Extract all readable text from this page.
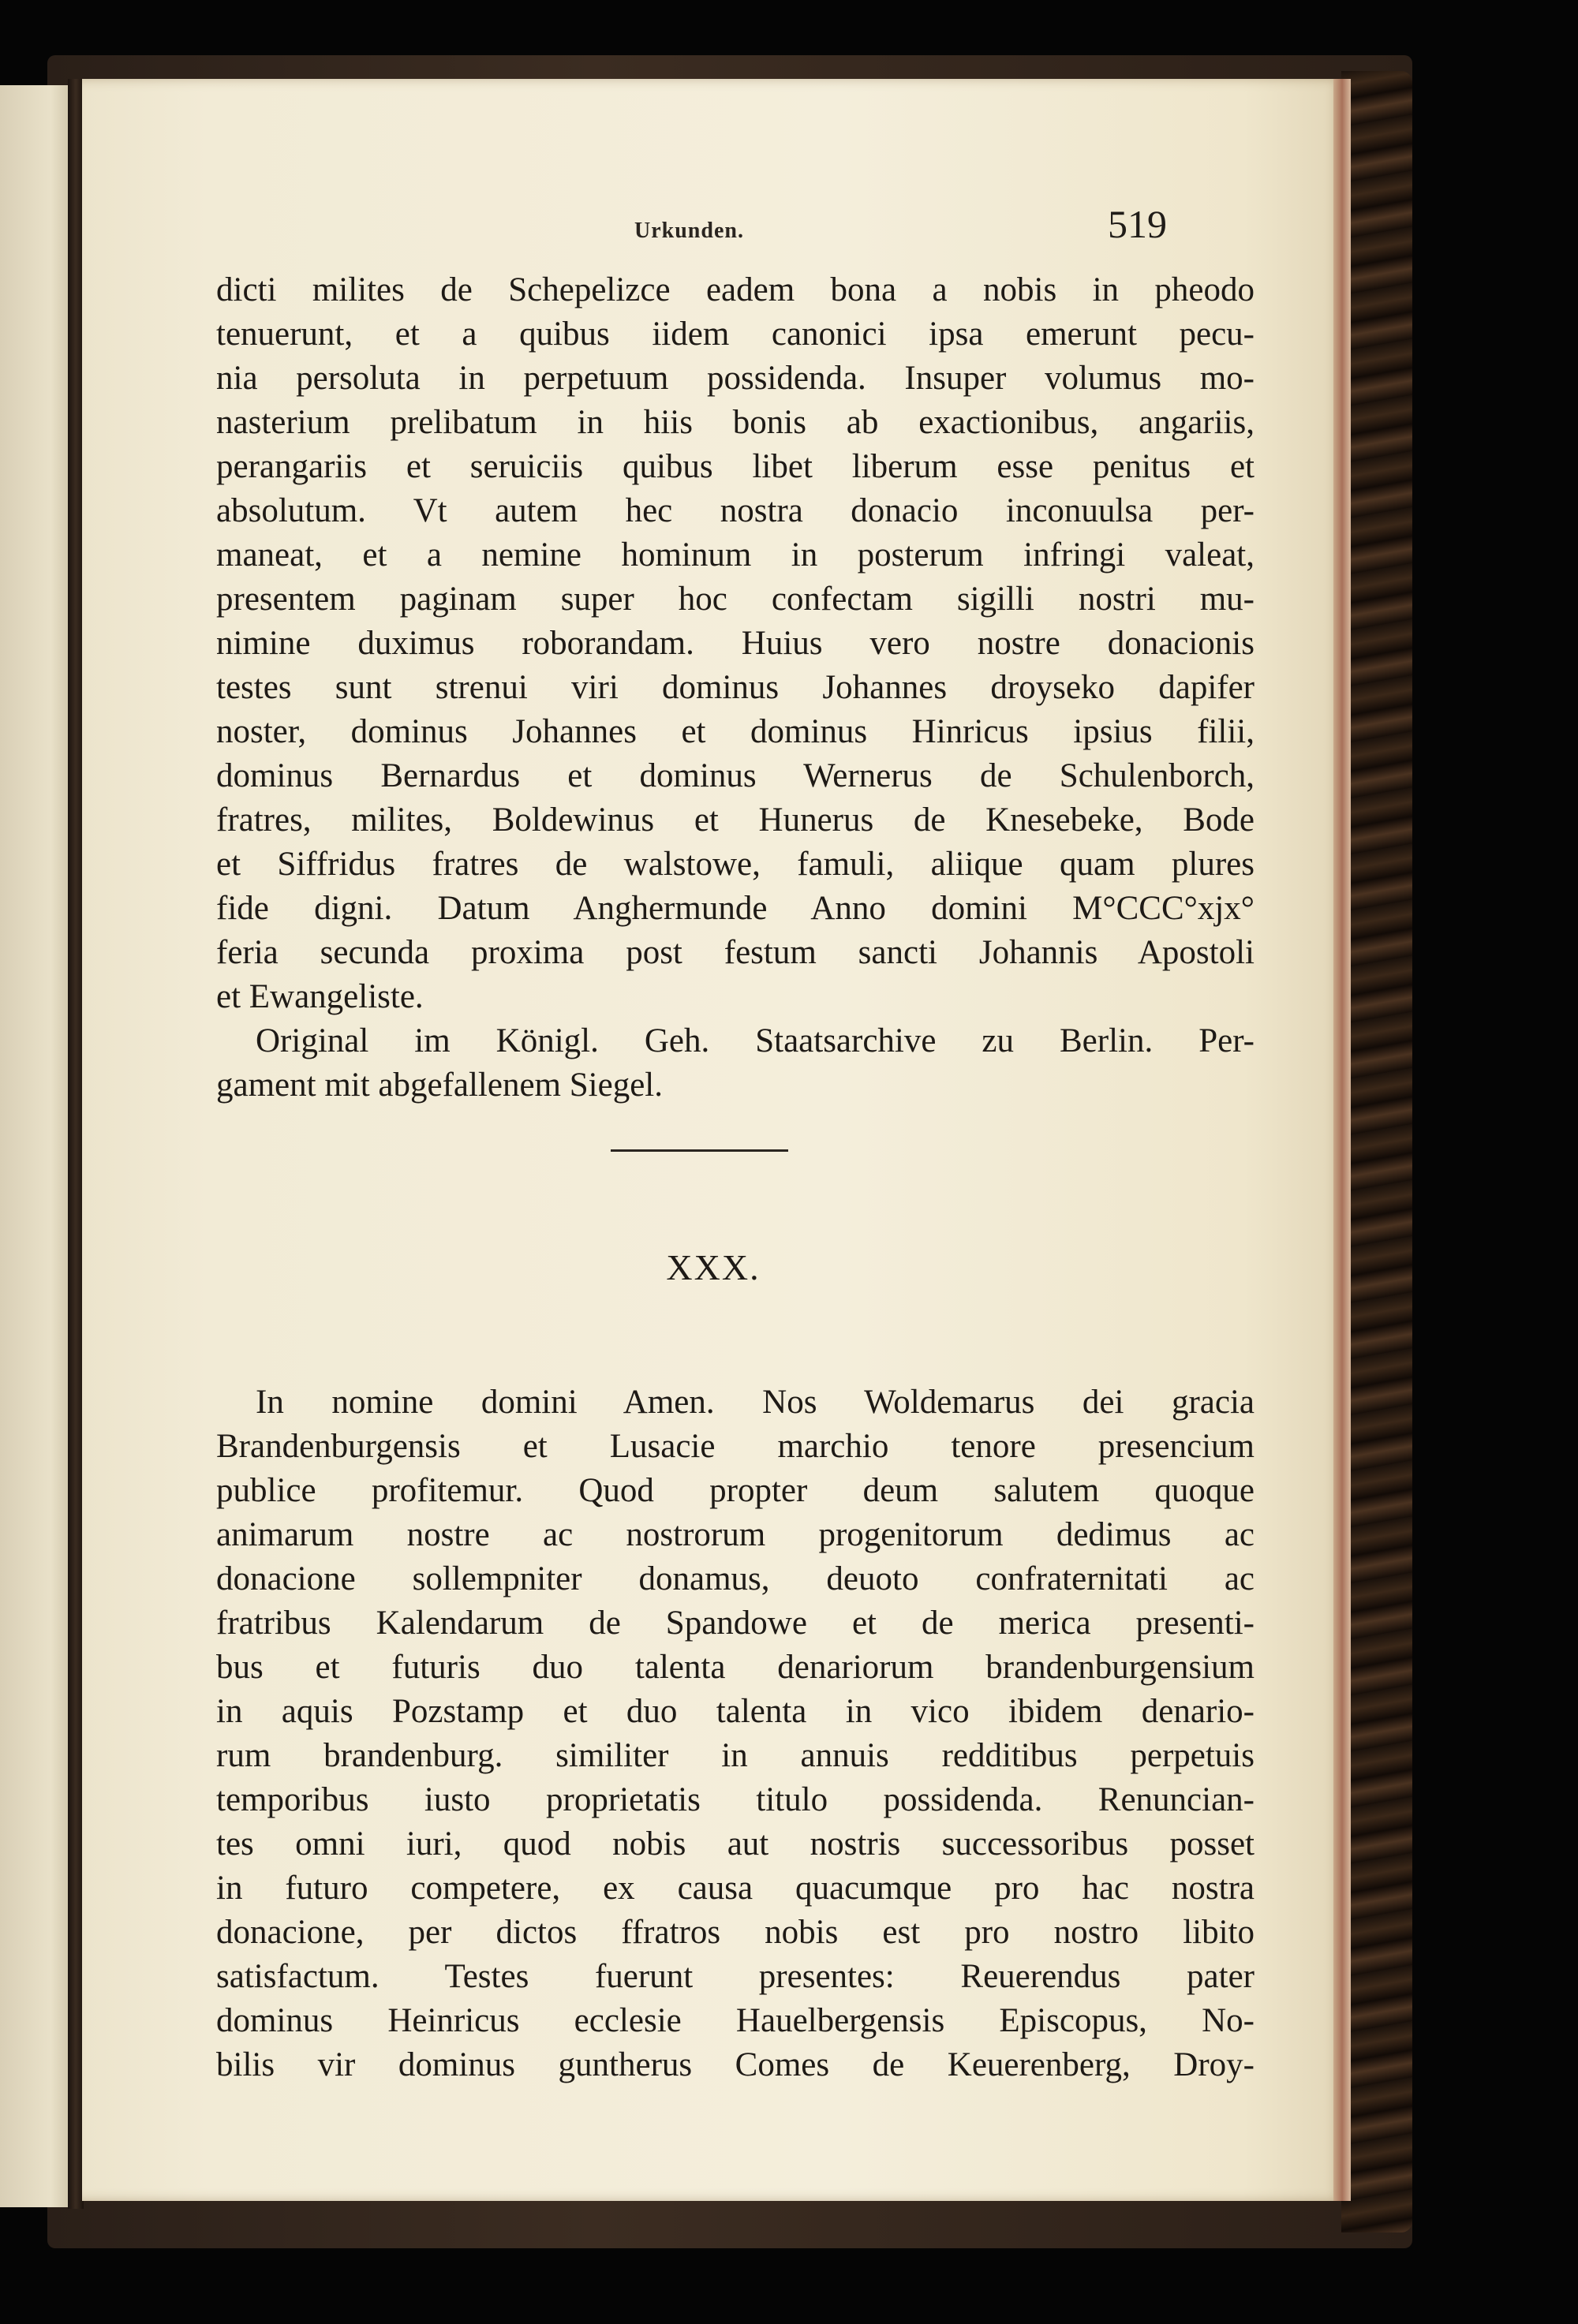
Urkunden.	519
dicti milites de Schepelizce eadem bona a nobis in pheodo
tenuerunt, et a quibus iidem canonici ipsa emerunt pecu-
nia persoluta in perpetuum possidenda. Insuper volumus mo-
nasterium prelibatum in hiis bonis ab exactionibus, angariis,
perangariis et seruiciis quibus libet liberum esse penitus et
absolutum. Vt autem hec nostra donacio inconuulsa per-
maneat, et a nemine hominum in posterum infringi valeat,
presentem paginam super hoc confectam sigilli nostri mu-
nimine duximus roborandam. Huius vero nostre donacionis
testes sunt strenui viri dominus Johannes droyseko dapifer
noster, dominus Johannes et dominus Hinricus ipsius filii,
dominus Bernardus et dominus Wernerus de Schulenborch,
fratres, milites, Boldewinus et Hunerus de Knesebeke, Bode
et Siffridus fratres de walstowe, famuli, aliique quam plures
fide digni. Datum Anghermunde Anno domini M°CCC°xjx°
feria secunda proxima post festum sancti Johannis Apostoli
et Ewangeliste.
Original im Königl. Geh. Staatsarchive zu Berlin. Per-
gament mit abgefallenem Siegel.
XXX.
In nomine domini Amen. Nos Woldemarus dei gracia
Brandenburgensis et Lusacie marchio tenore presencium
publice profitemur. Quod propter deum salutem quoque
animarum nostre ac nostrorum progenitorum dedimus ac
donacione sollempniter donamus, deuoto confraternitati ac
fratribus Kalendarum de Spandowe et de merica presenti-
bus et futuris duo talenta denariorum brandenburgensium
in aquis Pozstamp et duo talenta in vico ibidem denario-
rum brandenburg. similiter in annuis redditibus perpetuis
temporibus iusto proprietatis titulo possidenda. Renuncian-
tes omni iuri, quod nobis aut nostris successoribus posset
in futuro competere, ex causa quacumque pro hac nostra
donacione, per dictos ffratros nobis est pro nostro libito
satisfactum. Testes fuerunt presentes: Reuerendus pater
dominus Heinricus ecclesie Hauelbergensis Episcopus, No-
bilis vir dominus guntherus Comes de Keuerenberg, Droy-
